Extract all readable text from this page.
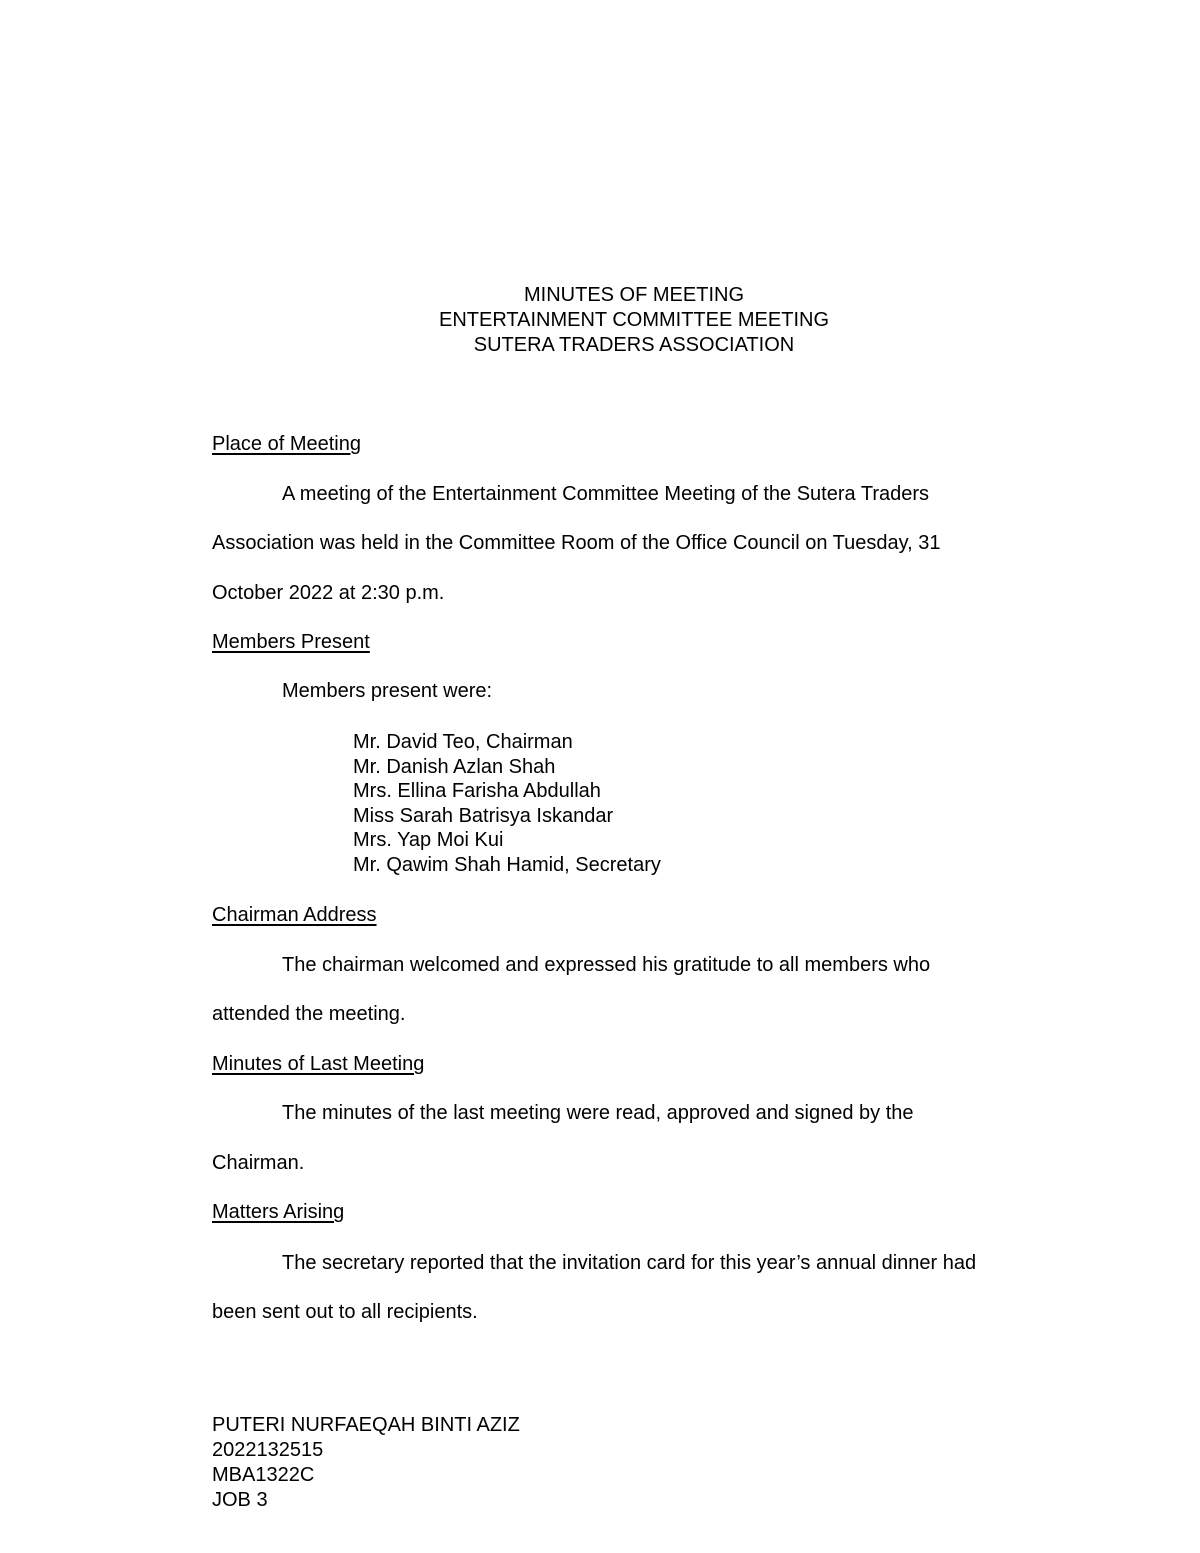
MINUTES OF MEETING
ENTERTAINMENT COMMITTEE MEETING
SUTERA TRADERS ASSOCIATION
Place of Meeting
A meeting of the Entertainment Committee Meeting of the Sutera Traders
Association was held in the Committee Room of the Office Council on Tuesday, 31
October 2022 at 2:30 p.m.
Members Present
Members present were:
Mr. David Teo, Chairman
Mr. Danish Azlan Shah
Mrs. Ellina Farisha Abdullah
Miss Sarah Batrisya Iskandar
Mrs. Yap Moi Kui
Mr. Qawim Shah Hamid, Secretary
Chairman Address
The chairman welcomed and expressed his gratitude to all members who
attended the meeting.
Minutes of Last Meeting
The minutes of the last meeting were read, approved and signed by the
Chairman.
Matters Arising
The secretary reported that the invitation card for this year’s annual dinner had
been sent out to all recipients.
PUTERI NURFAEQAH BINTI AZIZ
2022132515
MBA1322C
JOB 3
